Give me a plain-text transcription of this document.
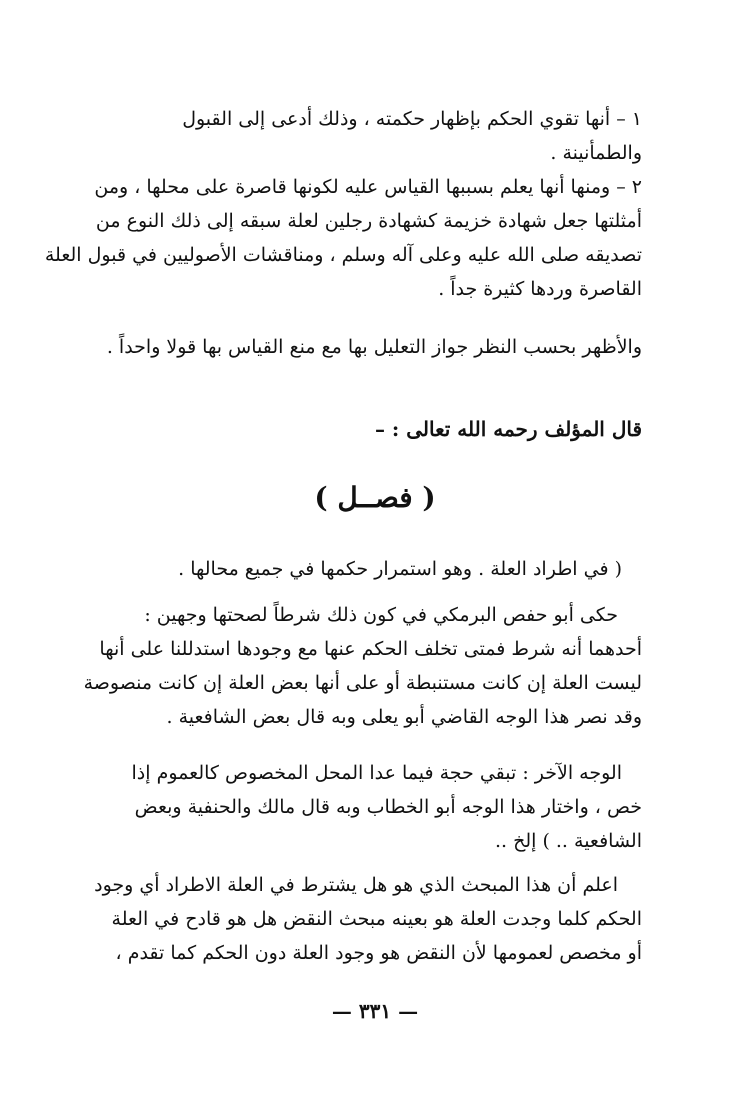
١ – أنها تقوي الحكم بإظهار حكمته ، وذلك أدعى إلى القبول
والطمأنينة .

٢ – ومنها أنها يعلم بسببها القياس عليه لكونها قاصرة على محلها ، ومن
أمثلتها جعل شهادة خزيمة كشهادة رجلين لعلة سبقه إلى ذلك النوع من
تصديقه صلى الله عليه وعلى آله وسلم ، ومناقشات الأصوليين في قبول العلة
القاصرة وردها كثيرة جداً .

والأظهر بحسب النظر جواز التعليل بها مع منع القياس بها قولا واحداً .

قال المؤلف رحمه الله تعالى : –

( فصــل )

( في اطراد العلة . وهو استمرار حكمها في جميع محالها .

حكى أبو حفص البرمكي في كون ذلك شرطاً لصحتها وجهين :
أحدهما أنه شرط فمتى تخلف الحكم عنها مع وجودها استدللنا على أنها
ليست العلة إن كانت مستنبطة أو على أنها بعض العلة إن كانت منصوصة
وقد نصر هذا الوجه القاضي أبو يعلى وبه قال بعض الشافعية .

الوجه الآخر : تبقي حجة فيما عدا المحل المخصوص كالعموم إذا
خص ، واختار هذا الوجه أبو الخطاب وبه قال مالك والحنفية وبعض
الشافعية .. ) إلخ ..

اعلم أن هذا المبحث الذي هو هل يشترط في العلة الاطراد أي وجود
الحكم كلما وجدت العلة هو بعينه مبحث النقض هل هو قادح في العلة
أو مخصص لعمومها لأن النقض هو وجود العلة دون الحكم كما تقدم ،

— ٣٣١ —
